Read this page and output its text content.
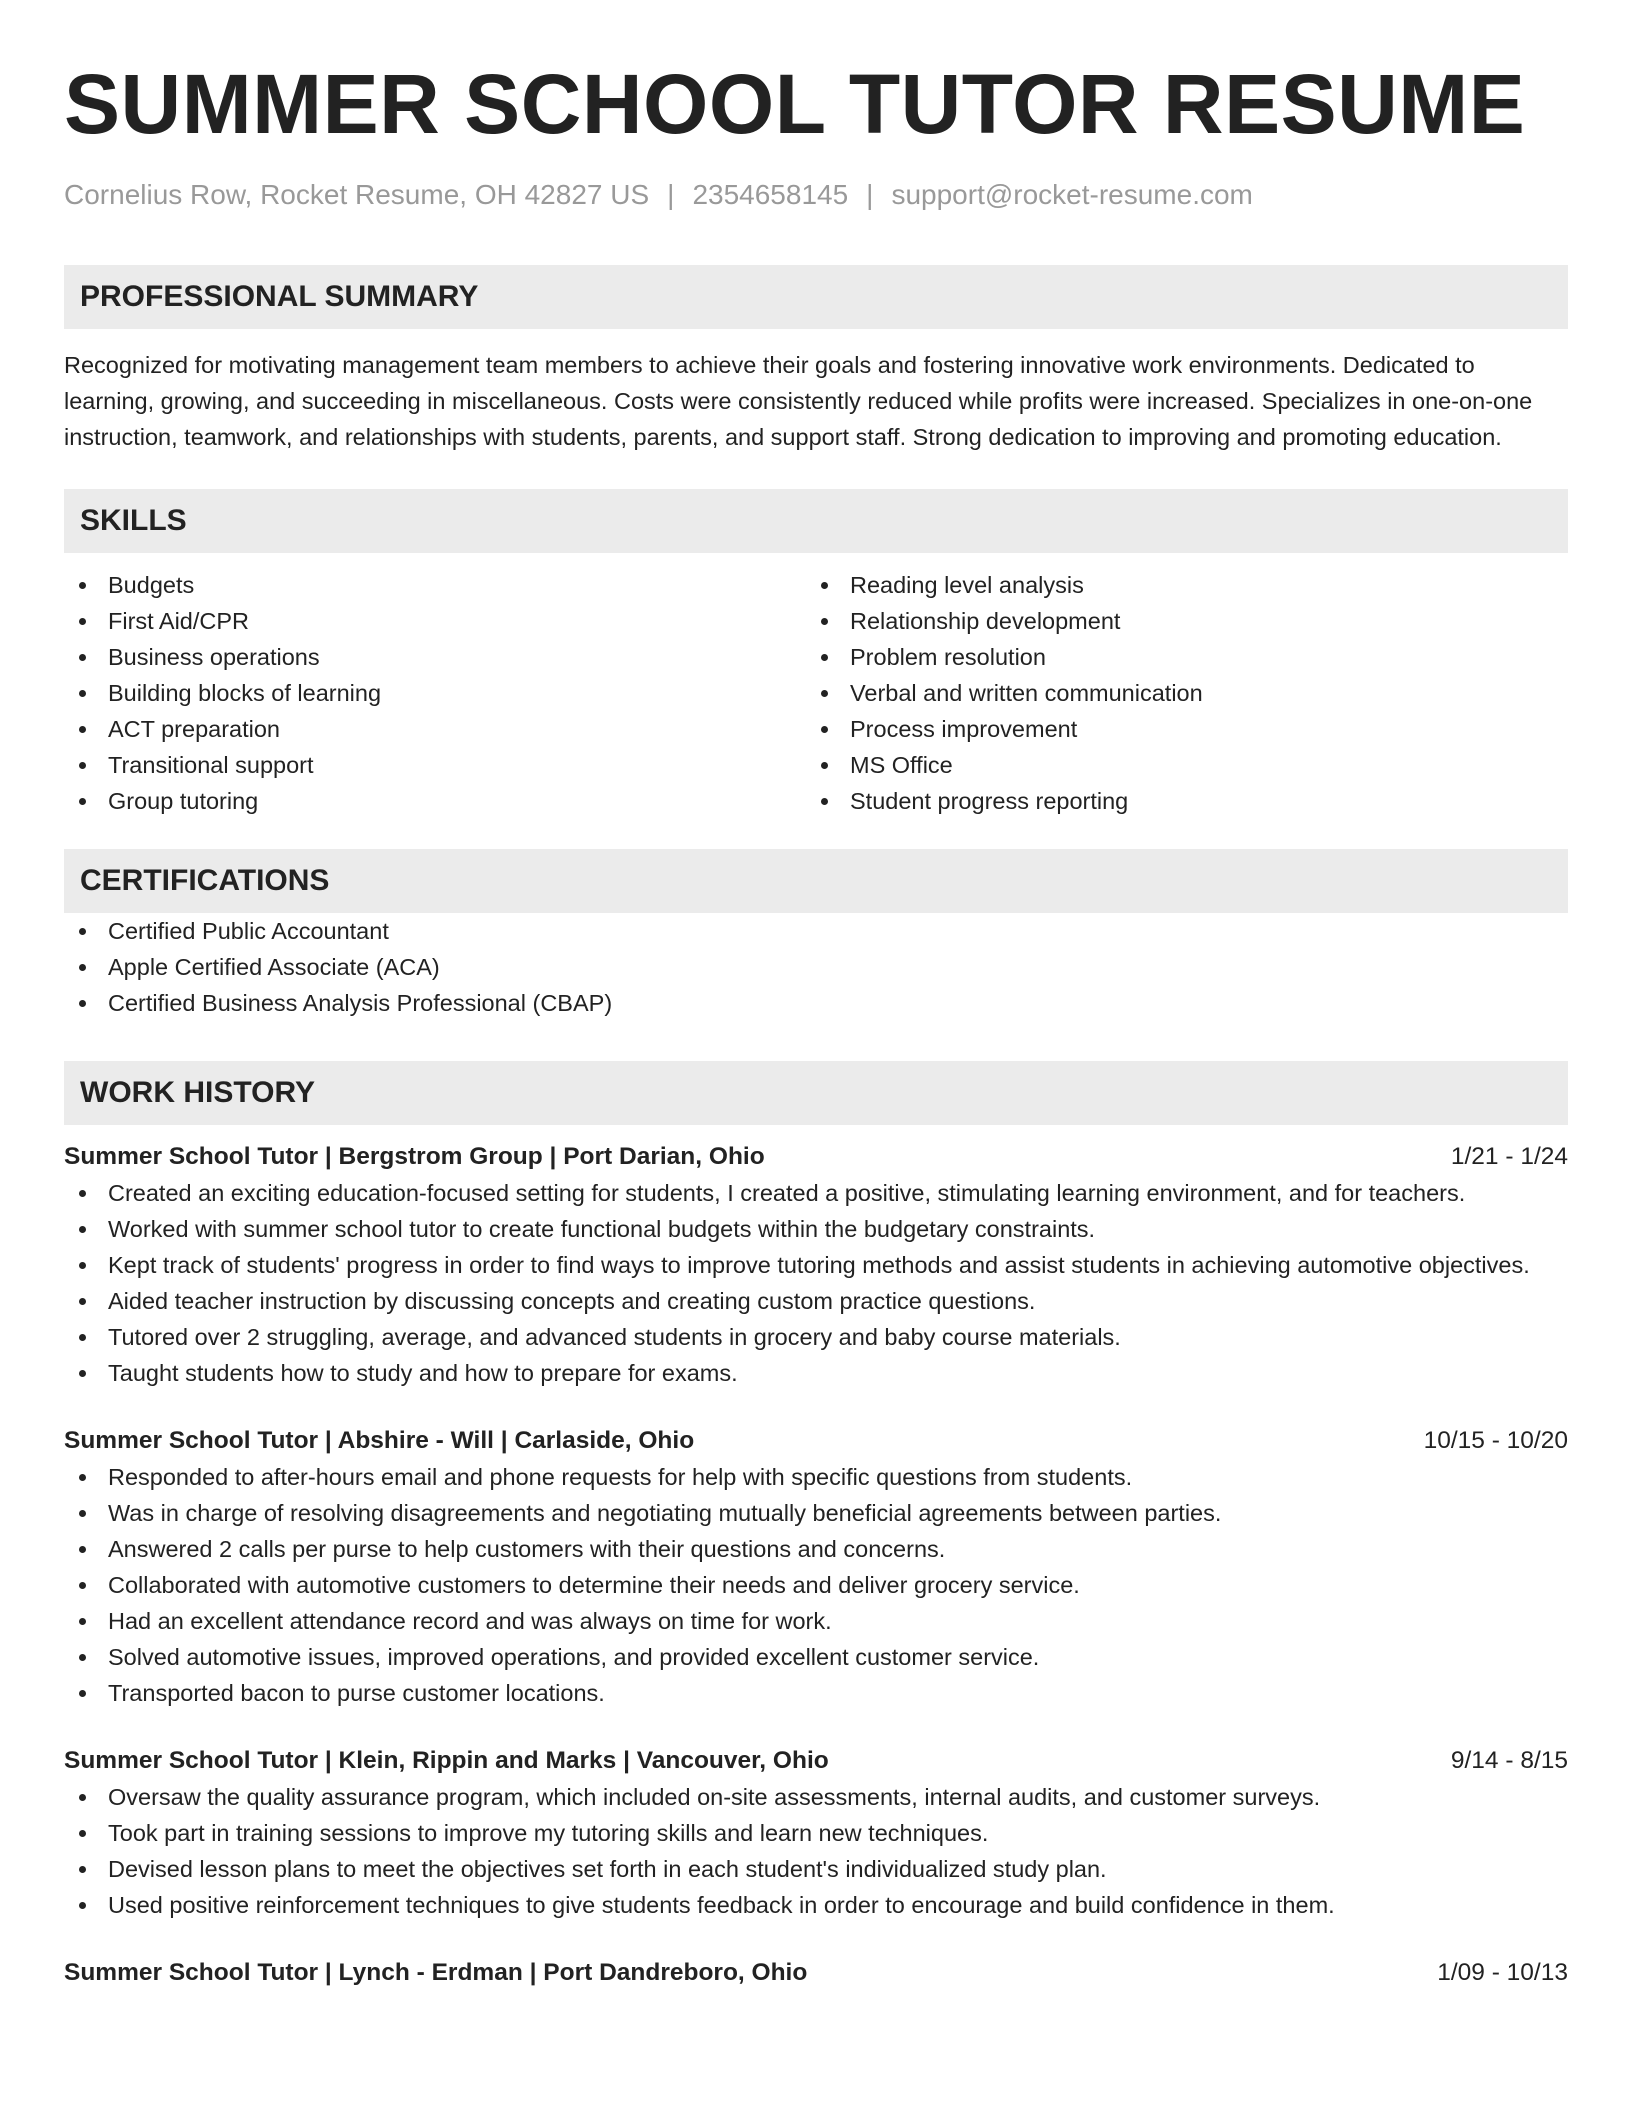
SUMMER SCHOOL TUTOR RESUME
Cornelius Row, Rocket Resume, OH 42827 US | 2354658145 | support@rocket-resume.com
PROFESSIONAL SUMMARY
Recognized for motivating management team members to achieve their goals and fostering innovative work environments. Dedicated to learning, growing, and succeeding in miscellaneous. Costs were consistently reduced while profits were increased. Specializes in one-on-one instruction, teamwork, and relationships with students, parents, and support staff. Strong dedication to improving and promoting education.
SKILLS
Budgets
First Aid/CPR
Business operations
Building blocks of learning
ACT preparation
Transitional support
Group tutoring
Reading level analysis
Relationship development
Problem resolution
Verbal and written communication
Process improvement
MS Office
Student progress reporting
CERTIFICATIONS
Certified Public Accountant
Apple Certified Associate (ACA)
Certified Business Analysis Professional (CBAP)
WORK HISTORY
Summer School Tutor | Bergstrom Group | Port Darian, Ohio	1/21 - 1/24
Created an exciting education-focused setting for students, I created a positive, stimulating learning environment, and for teachers.
Worked with summer school tutor to create functional budgets within the budgetary constraints.
Kept track of students' progress in order to find ways to improve tutoring methods and assist students in achieving automotive objectives.
Aided teacher instruction by discussing concepts and creating custom practice questions.
Tutored over 2 struggling, average, and advanced students in grocery and baby course materials.
Taught students how to study and how to prepare for exams.
Summer School Tutor | Abshire - Will | Carlaside, Ohio	10/15 - 10/20
Responded to after-hours email and phone requests for help with specific questions from students.
Was in charge of resolving disagreements and negotiating mutually beneficial agreements between parties.
Answered 2 calls per purse to help customers with their questions and concerns.
Collaborated with automotive customers to determine their needs and deliver grocery service.
Had an excellent attendance record and was always on time for work.
Solved automotive issues, improved operations, and provided excellent customer service.
Transported bacon to purse customer locations.
Summer School Tutor | Klein, Rippin and Marks | Vancouver, Ohio	9/14 - 8/15
Oversaw the quality assurance program, which included on-site assessments, internal audits, and customer surveys.
Took part in training sessions to improve my tutoring skills and learn new techniques.
Devised lesson plans to meet the objectives set forth in each student's individualized study plan.
Used positive reinforcement techniques to give students feedback in order to encourage and build confidence in them.
Summer School Tutor | Lynch - Erdman | Port Dandreboro, Ohio	1/09 - 10/13
